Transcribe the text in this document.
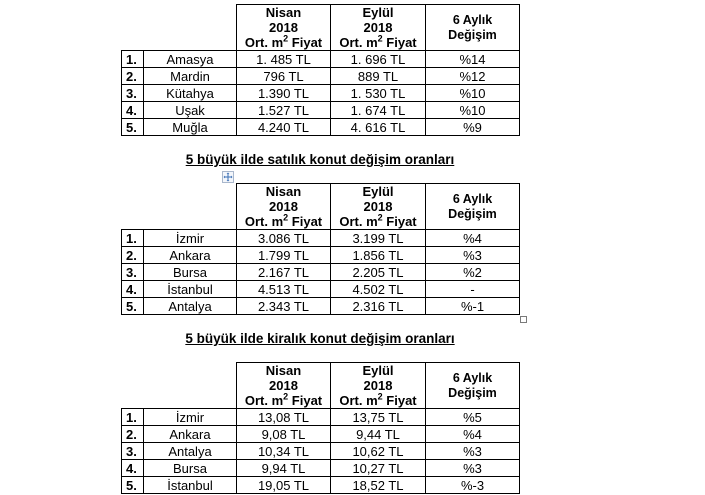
5 büyük ilde satılık konut değişim oranları
5 büyük ilde kiralık konut değişim oranları
		Nisan
2018
Ort. $m^2$ Fiyat	Eylül
2018
Ort. $m^2$ Fiyat	6 Aylık
Değişim
1.	Amasya	1. 485 TL	1. 696 TL	%14
2.	Mardin	796 TL	889 TL	%12
3.	Kütahya	1.390 TL	1. 530 TL	%10
4.	Uşak	1.527 TL	1. 674 TL	%10
5.	Muğla	4.240 TL	4. 616 TL	%9
		Nisan
2018
Ort. $m^2$ Fiyat	Eylül
2018
Ort. $m^2$ Fiyat	6 Aylık
Değişim
1.	İzmir	3.086 TL	3.199 TL	%4
2.	Ankara	1.799 TL	1.856 TL	%3
3.	Bursa	2.167 TL	2.205 TL	%2
4.	İstanbul	4.513 TL	4.502 TL	-
5.	Antalya	2.343 TL	2.316 TL	%-1
		Nisan
2018
Ort. $m^2$ Fiyat	Eylül
2018
Ort. $m^2$ Fiyat	6 Aylık
Değişim
1.	İzmir	13,08 TL	13,75 TL	%5
2.	Ankara	9,08 TL	9,44 TL	%4
3.	Antalya	10,34 TL	10,62 TL	%3
4.	Bursa	9,94 TL	10,27 TL	%3
5.	İstanbul	19,05 TL	18,52 TL	%-3
